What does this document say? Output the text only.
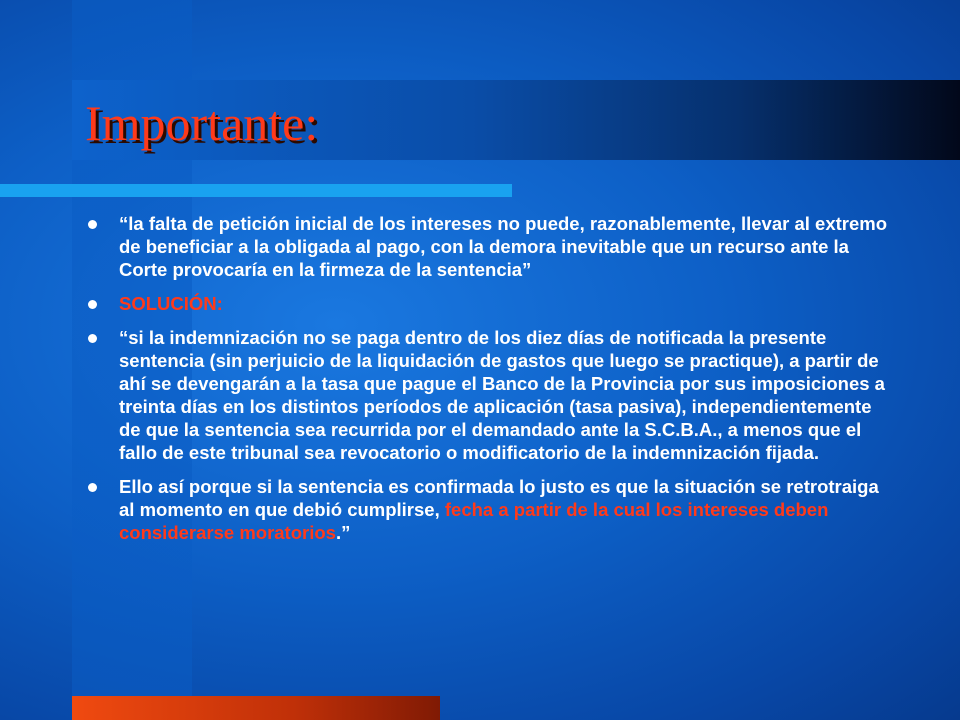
Importante:
“la falta de petición inicial de los intereses no puede, razonablemente, llevar al extremo de beneficiar a la obligada al pago, con la demora inevitable que un recurso ante la Corte provocaría en la firmeza de la sentencia”
SOLUCIÓN:
“si la indemnización no se paga dentro de los diez días de notificada la presente sentencia (sin perjuicio de la liquidación de gastos que luego se practique), a partir de ahí se devengarán a la tasa que pague el Banco de la Provincia por sus imposiciones a treinta días en los distintos períodos de aplicación (tasa pasiva), independientemente de que la sentencia sea recurrida por el demandado ante la S.C.B.A., a menos que el fallo de este tribunal sea revocatorio o modificatorio de la indemnización fijada.
Ello así porque si la sentencia es confirmada lo justo es que la situación se retrotraiga al momento en que debió cumplirse, fecha a partir de la cual los intereses deben considerarse moratorios.”
